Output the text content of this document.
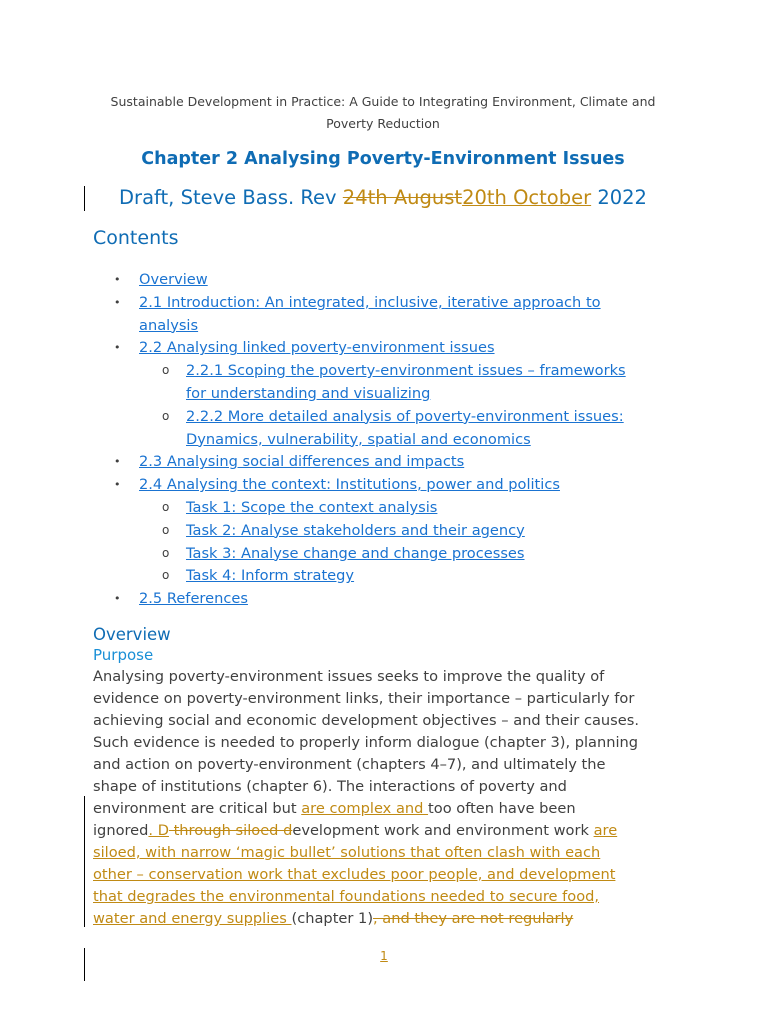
Sustainable Development in Practice: A Guide to Integrating Environment, Climate and
Poverty Reduction
Chapter 2 Analysing Poverty-Environment Issues
Draft, Steve Bass. Rev 24th August20th October 2022
Contents
• Overview
• 2.1 Introduction: An integrated, inclusive, iterative approach to
analysis
• 2.2 Analysing linked poverty-environment issues
o 2.2.1 Scoping the poverty-environment issues – frameworks
for understanding and visualizing
o 2.2.2 More detailed analysis of poverty-environment issues:
Dynamics, vulnerability, spatial and economics
• 2.3 Analysing social differences and impacts
• 2.4 Analysing the context: Institutions, power and politics
o Task 1: Scope the context analysis
o Task 2: Analyse stakeholders and their agency
o Task 3: Analyse change and change processes
o Task 4: Inform strategy
• 2.5 References
Overview
Purpose
Analysing poverty-environment issues seeks to improve the quality of
evidence on poverty-environment links, their importance – particularly for
achieving social and economic development objectives – and their causes.
Such evidence is needed to properly inform dialogue (chapter 3), planning
and action on poverty-environment (chapters 4–7), and ultimately the
shape of institutions (chapter 6). The interactions of poverty and
environment are critical but are complex and too often have been
ignored. D through siloed development work and environment work are
siloed, with narrow ‘magic bullet’ solutions that often clash with each
other – conservation work that excludes poor people, and development
that degrades the environmental foundations needed to secure food,
water and energy supplies (chapter 1), and they are not regularly
1
